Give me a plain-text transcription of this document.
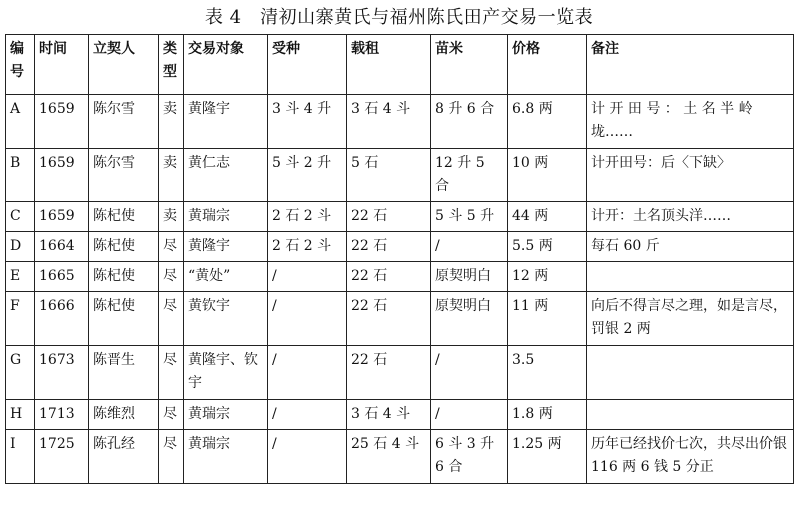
表 4　清初山寨黄氏与福州陈氏田产交易一览表
编号	时间	立契人	类型	交易对象	受种	载租	苗米	价格	备注
A	1659	陈尔雪	卖	黄隆宇	3 斗 4 升	3 石 4 斗	8 升 6 合	6.8 两	计 开 田 号 ： 土 名 半 岭 垅……
B	1659	陈尔雪	卖	黄仁志	5 斗 2 升	5 石	12 升 5 合	10 两	计开田号：后〈下缺〉
C	1659	陈杞使	卖	黄瑞宗	2 石 2 斗	22 石	5 斗 5 升	44 两	计开：土名顶头洋……
D	1664	陈杞使	尽	黄隆宇	2 石 2 斗	22 石	/	5.5 两	每石 60 斤
E	1665	陈杞使	尽	“黄处”	/	22 石	原契明白	12 两	
F	1666	陈杞使	尽	黄钦宇	/	22 石	原契明白	11 两	向后不得言尽之理，如是言尽，罚银 2 两
G	1673	陈晋生	尽	黄隆宇、钦宇	/	22 石	/	3.5	
H	1713	陈维烈	尽	黄瑞宗	/	3 石 4 斗	/	1.8 两	
I	1725	陈孔经	尽	黄瑞宗	/	25 石 4 斗	6 斗 3 升 6 合	1.25 两	历年已经找价七次，共尽出价银 116 两 6 钱 5 分正
